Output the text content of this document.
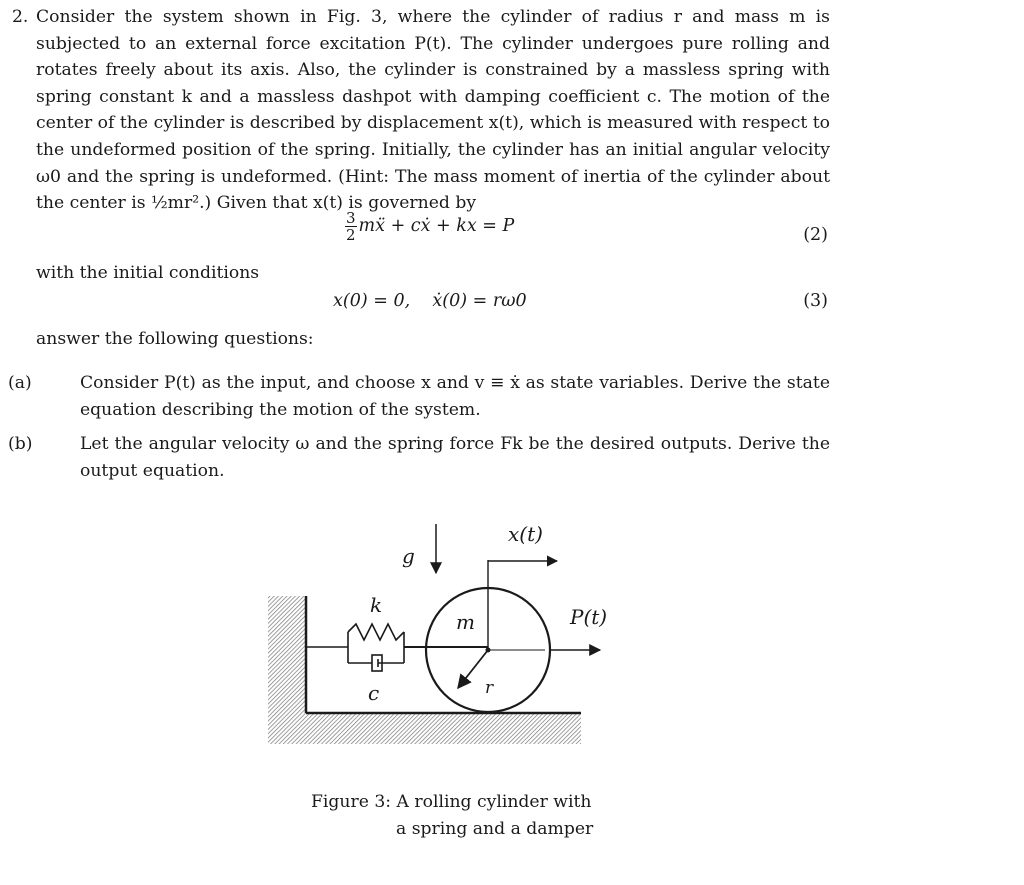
2. Consider the system shown in Fig. 3, where the cylinder of radius r and mass m is subjected to an external force excitation P(t). The cylinder undergoes pure rolling and rotates freely about its axis. Also, the cylinder is constrained by a massless spring with spring constant k and a massless dashpot with damping coefficient c. The motion of the center of the cylinder is described by displacement x(t), which is measured with respect to the undeformed position of the spring. Initially, the cylinder has an initial angular velocity ω0 and the spring is undeformed. (Hint: The mass moment of inertia of the cylinder about the center is ½mr².) Given that x(t) is governed by
$\frac{3}{2}$ mẍ + cẋ + kx = P	(2)
with the initial conditions
x(0) = 0,    ẋ(0) = rω0	(3)
answer the following questions:
(a)	Consider P(t) as the input, and choose x and v ≡ ẋ as state variables. Derive the state equation describing the motion of the system.
(b)	Let the angular velocity ω and the spring force Fk be the desired outputs. Derive the output equation.
x(t)
g
k
m	P(t)
c	r
Figure 3: A rolling cylinder with
a spring and a damper
